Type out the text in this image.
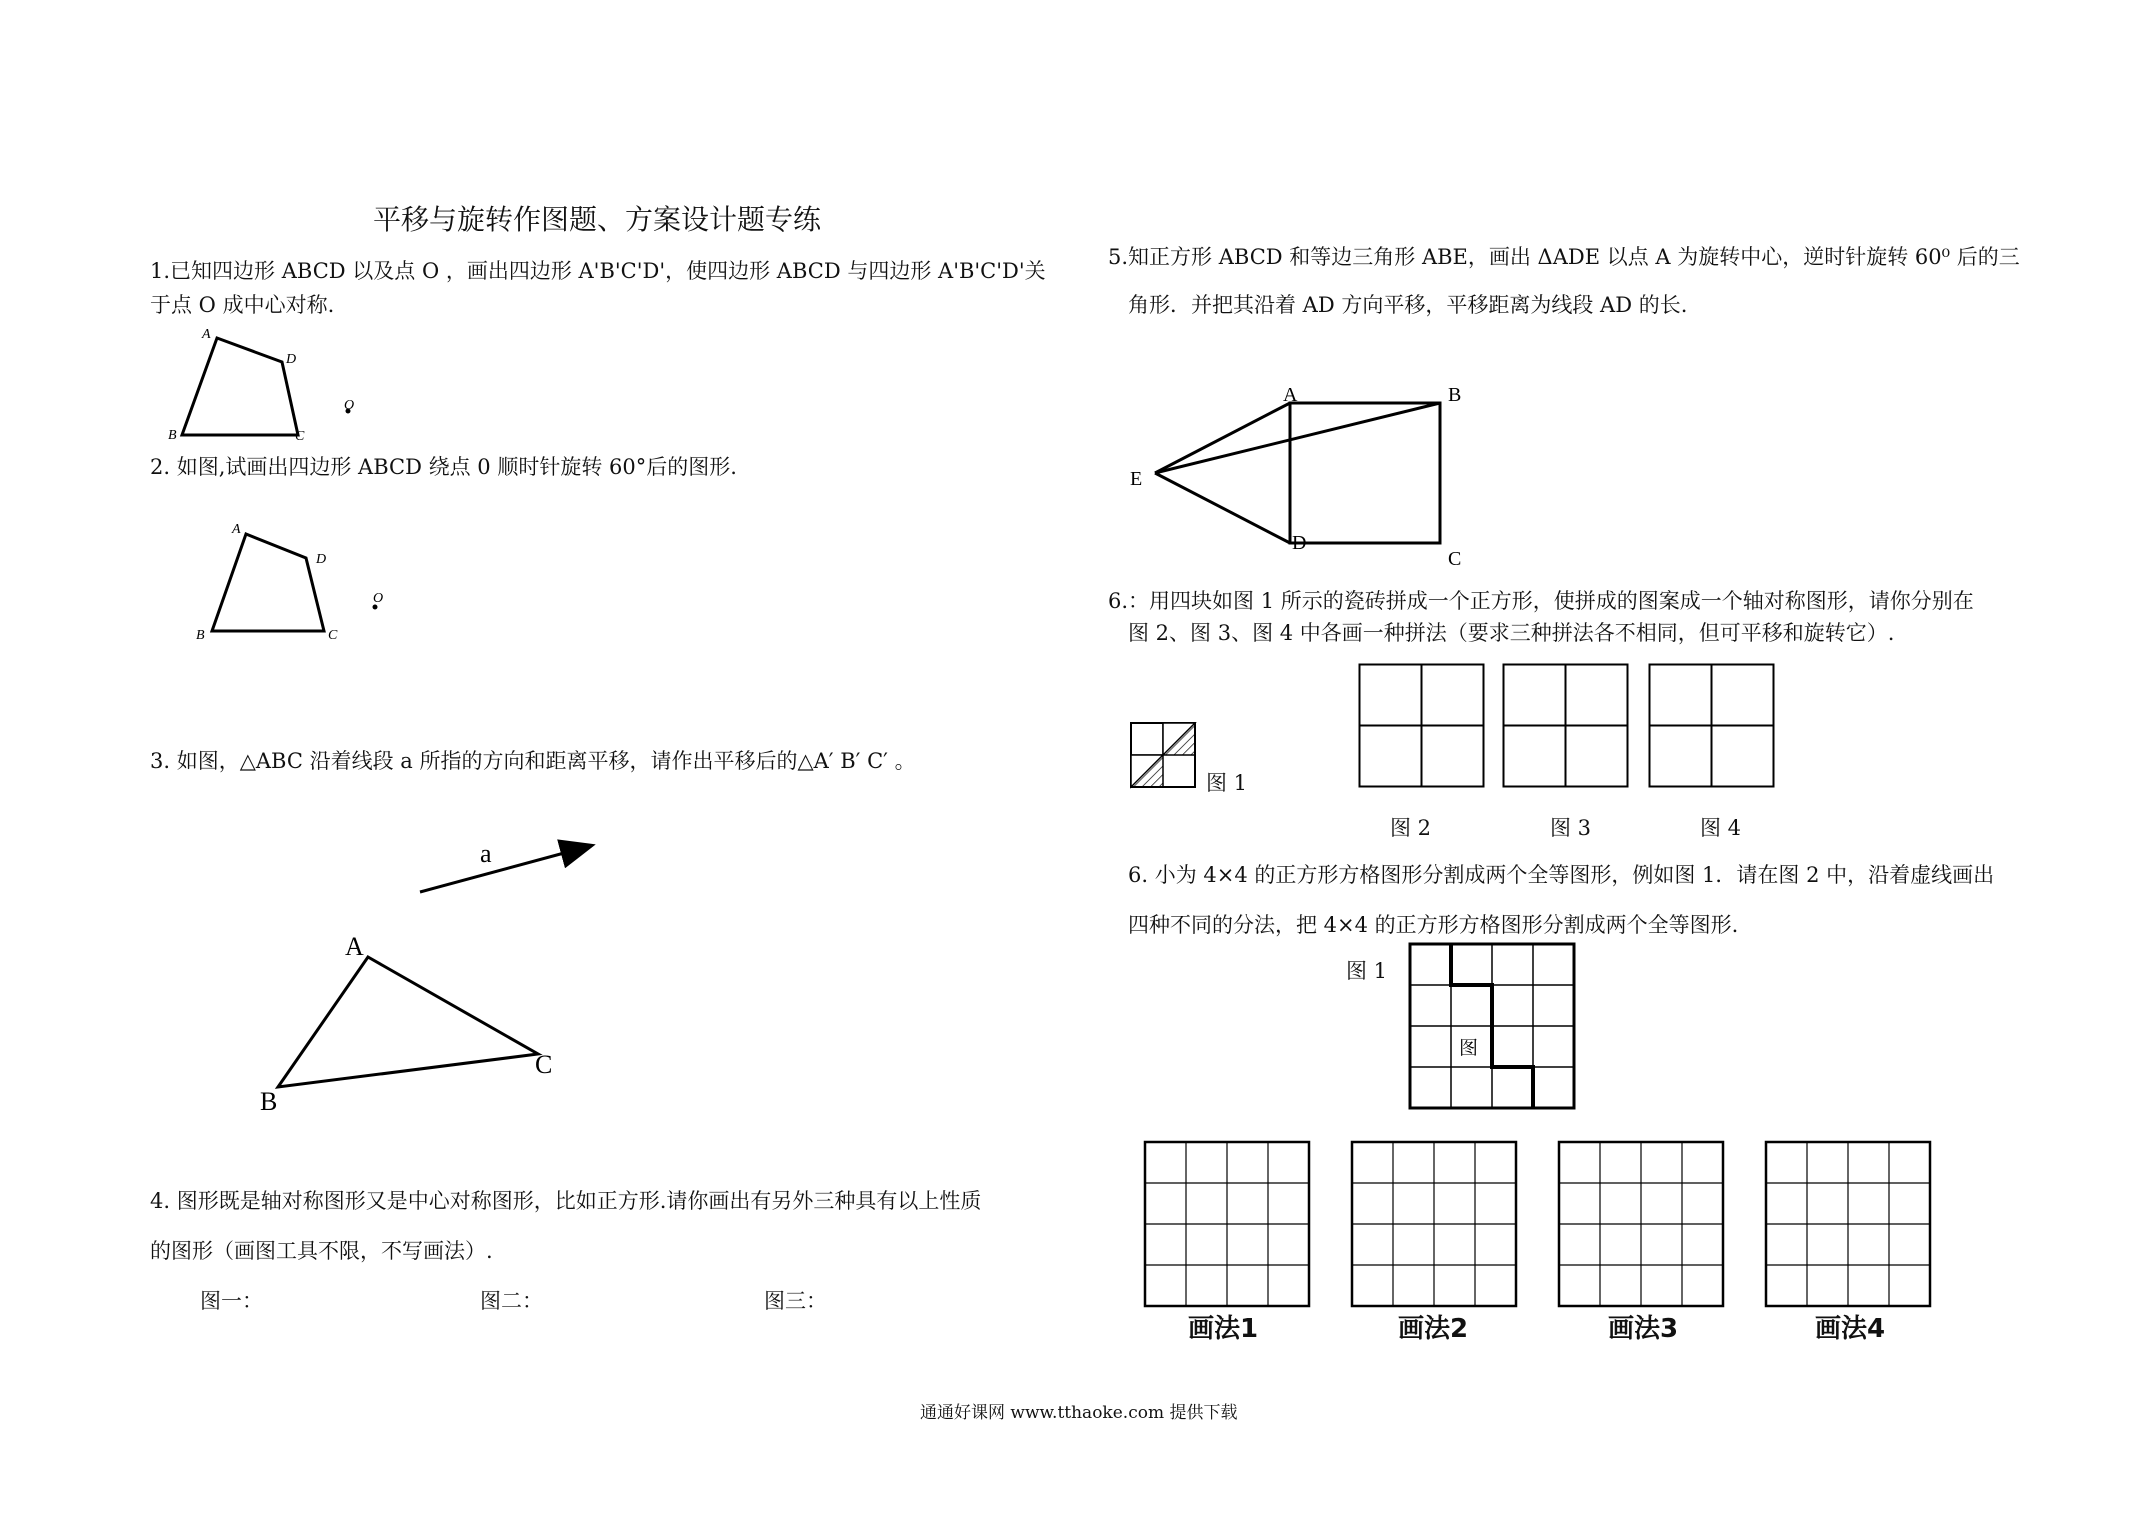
平移与旋转作图题、方案设计题专练
1.已知四边形 ABCD 以及点 O ，画出四边形 A'B'C'D'，使四边形 ABCD 与四边形 A'B'C'D'关
于点 O 成中心对称.
A
D
B	C
O
2. 如图,试画出四边形 ABCD 绕点 0 顺时针旋转 60°后的图形.
A
D
B	C
O
3. 如图，△ABC 沿着线段 a 所指的方向和距离平移，请作出平移后的△A′ B′ C′ 。
a
A
B
C
4. 图形既是轴对称图形又是中心对称图形，比如正方形.请你画出有另外三种具有以上性质
的图形（画图工具不限，不写画法）.
图一：	图二：	图三：
5.知正方形 ABCD 和等边三角形 ABE，画出 ΔADE 以点 A 为旋转中心，逆时针旋转 60⁰ 后的三
角形．并把其沿着 AD 方向平移，平移距离为线段 AD 的长.
A	B
E
D
C
6.：用四块如图 1 所示的瓷砖拼成一个正方形，使拼成的图案成一个轴对称图形，请你分别在
图 2、图 3、图 4 中各画一种拼法（要求三种拼法各不相同，但可平移和旋转它）.
图 1
图 2	图 3	图 4
6. 小为 4×4 的正方形方格图形分割成两个全等图形，例如图 1．请在图 2 中，沿着虚线画出
四种不同的分法，把 4×4 的正方形方格图形分割成两个全等图形.
图 1
图
画法1	画法2	画法3	画法4
通通好课网 www.tthaoke.com 提供下载
